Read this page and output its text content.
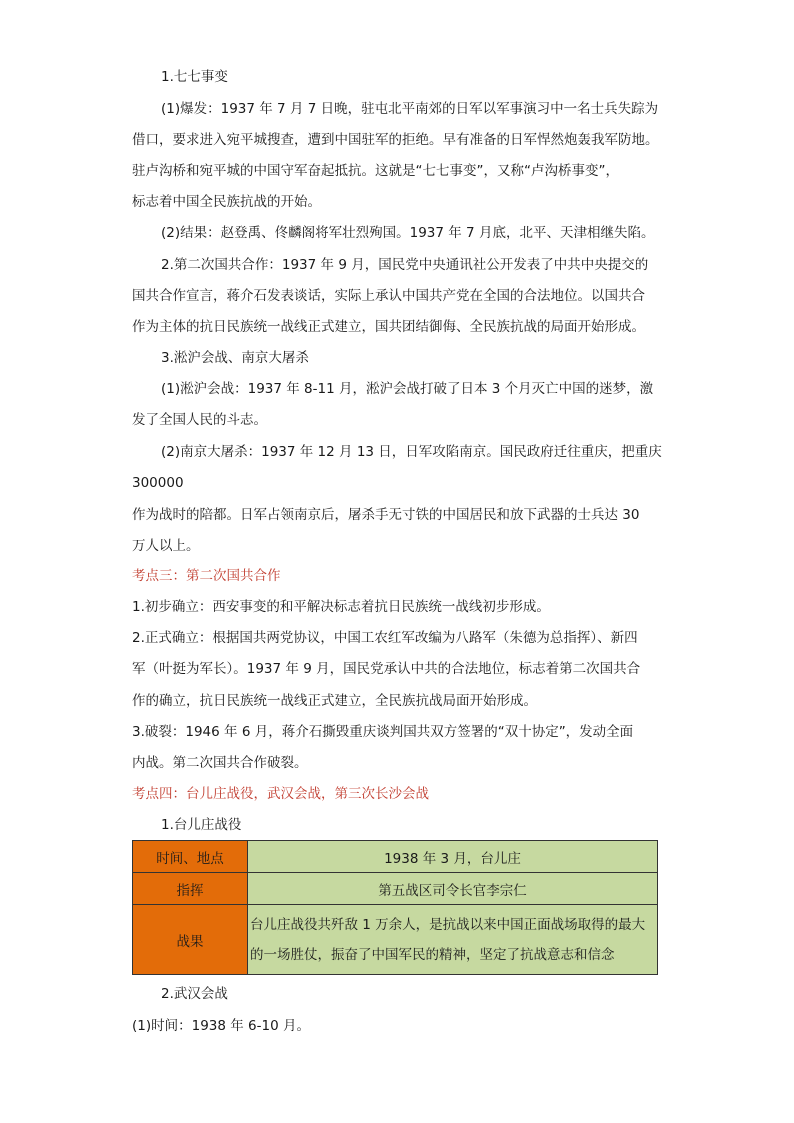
1.七七事变
(1)爆发：1937 年 7 月 7 日晚，驻屯北平南郊的日军以军事演习中一名士兵失踪为
借口，要求进入宛平城搜查，遭到中国驻军的拒绝。早有准备的日军悍然炮轰我军防地。
驻卢沟桥和宛平城的中国守军奋起抵抗。这就是“七七事变”，又称“卢沟桥事变”，
标志着中国全民族抗战的开始。
(2)结果：赵登禹、佟麟阁将军壮烈殉国。1937 年 7 月底，北平、天津相继失陷。
2.第二次国共合作：1937 年 9 月，国民党中央通讯社公开发表了中共中央提交的
国共合作宣言，蒋介石发表谈话，实际上承认中国共产党在全国的合法地位。以国共合
作为主体的抗日民族统一战线正式建立，国共团结御侮、全民族抗战的局面开始形成。
3.淞沪会战、南京大屠杀
(1)淞沪会战：1937 年 8-11 月，淞沪会战打破了日本 3 个月灭亡中国的迷梦，激
发了全国人民的斗志。
(2)南京大屠杀：1937 年 12 月 13 日，日军攻陷南京。国民政府迁往重庆，把重庆
300000
作为战时的陪都。日军占领南京后，屠杀手无寸铁的中国居民和放下武器的士兵达 30
万人以上。
考点三：第二次国共合作
1.初步确立：西安事变的和平解决标志着抗日民族统一战线初步形成。
2.正式确立：根据国共两党协议，中国工农红军改编为八路军（朱德为总指挥）、新四
军（叶挺为军长）。1937 年 9 月，国民党承认中共的合法地位，标志着第二次国共合
作的确立，抗日民族统一战线正式建立，全民族抗战局面开始形成。
3.破裂：1946 年 6 月，蒋介石撕毁重庆谈判国共双方签署的“双十协定”，发动全面
内战。第二次国共合作破裂。
考点四：台儿庄战役，武汉会战，第三次长沙会战
1.台儿庄战役
时间、地点	1938 年 3 月，台儿庄
指挥	第五战区司令长官李宗仁
战果	台儿庄战役共歼敌 1 万余人，是抗战以来中国正面战场取得的最大
的一场胜仗，振奋了中国军民的精神，坚定了抗战意志和信念
2.武汉会战
(1)时间：1938 年 6-10 月。
